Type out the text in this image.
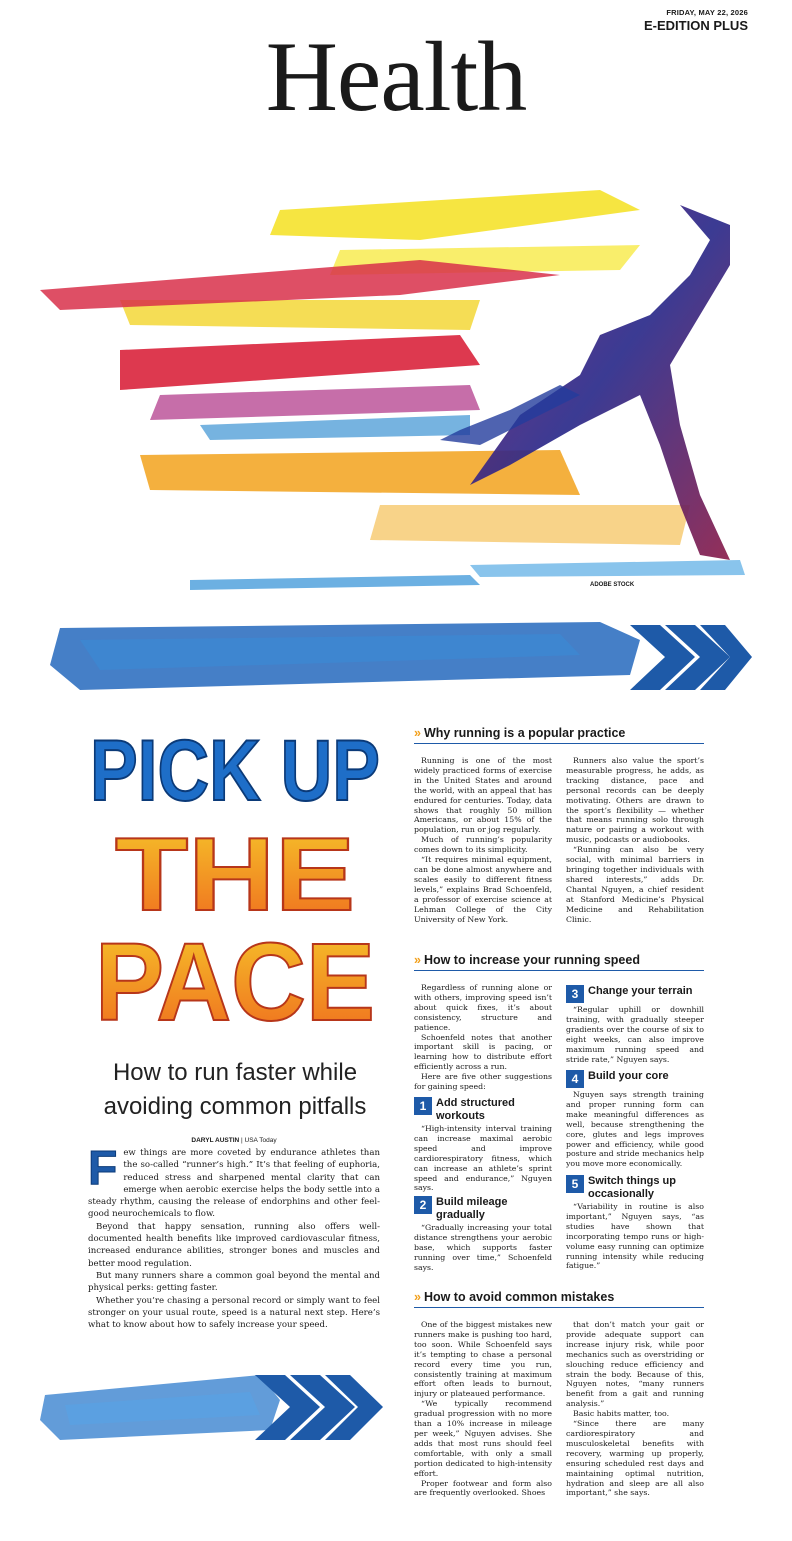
FRIDAY, MAY 22, 2026
E-EDITION PLUS
Health
ADOBE STOCK
PICK UP
THE
PACE
How to run faster while
avoiding common pitfalls
DARYL AUSTIN | USA Today

Few things are more coveted by endurance athletes than the so-called “runner’s high.” It’s that feeling of euphoria, reduced stress and sharpened mental clarity that can emerge when aerobic exercise helps the body settle into a steady rhythm, causing the release of endorphins and other feel-good neurochemicals to flow.

Beyond that happy sensation, running also offers well-documented health benefits like improved cardiovascular fitness, increased endurance abilities, stronger bones and muscles and better mood regulation.

But many runners share a common goal beyond the mental and physical perks: getting faster.

Whether you’re chasing a personal record or simply want to feel stronger on your usual route, speed is a natural next step. Here’s what to know about how to safely increase your speed.

» Why running is a popular practice

Running is one of the most widely practiced forms of exercise in the United States and around the world, with an appeal that has endured for centuries. Today, data shows that roughly 50 million Americans, or about 15% of the population, run or jog regularly.

Much of running’s popularity comes down to its simplicity.

“It requires minimal equipment, can be done almost anywhere and scales easily to different fitness levels,” explains Brad Schoenfeld, a professor of exercise science at Lehman College of the City University of New York.

Runners also value the sport’s measurable progress, he adds, as tracking distance, pace and personal records can be deeply motivating. Others are drawn to the sport’s flexibility — whether that means running solo through nature or pairing a workout with music, podcasts or audiobooks.

“Running can also be very social, with minimal barriers in bringing together individuals with shared interests,” adds Dr. Chantal Nguyen, a chief resident at Stanford Medicine’s Physical Medicine and Rehabilitation Clinic.

» How to increase your running speed

Regardless of running alone or with others, improving speed isn’t about quick fixes, it’s about consistency, structure and patience.

Schoenfeld notes that another important skill is pacing, or learning how to distribute effort efficiently across a run.

Here are five other suggestions for gaining speed:

1 Add structured workouts

“High-intensity interval training can increase maximal aerobic speed and improve cardiorespiratory fitness, which can increase an athlete’s sprint speed and endurance,” Nguyen says.

2 Build mileage gradually

“Gradually increasing your total distance strengthens your aerobic base, which supports faster running over time,” Schoenfeld says.

3 Change your terrain

“Regular uphill or downhill training, with gradually steeper gradients over the course of six to eight weeks, can also improve maximum running speed and stride rate,” Nguyen says.

4 Build your core

Nguyen says strength training and proper running form can make meaningful differences as well, because strengthening the core, glutes and legs improves power and efficiency, while good posture and stride mechanics help you move more economically.

5 Switch things up occasionally

“Variability in routine is also important,” Nguyen says, “as studies have shown that incorporating tempo runs or high-volume easy running can optimize running intensity while reducing fatigue.”

» How to avoid common mistakes

One of the biggest mistakes new runners make is pushing too hard, too soon. While Schoenfeld says it’s tempting to chase a personal record every time you run, consistently training at maximum effort often leads to burnout, injury or plateaued performance.

“We typically recommend gradual progression with no more than a 10% increase in mileage per week,” Nguyen advises. She adds that most runs should feel comfortable, with only a small portion dedicated to high-intensity effort.

Proper footwear and form also are frequently overlooked. Shoes

that don’t match your gait or provide adequate support can increase injury risk, while poor mechanics such as overstriding or slouching reduce efficiency and strain the body. Because of this, Nguyen notes, “many runners benefit from a gait and running analysis.”

Basic habits matter, too.

“Since there are many cardiorespiratory and musculoskeletal benefits with recovery, warming up properly, ensuring scheduled rest days and maintaining optimal nutrition, hydration and sleep are all also important,” she says.
